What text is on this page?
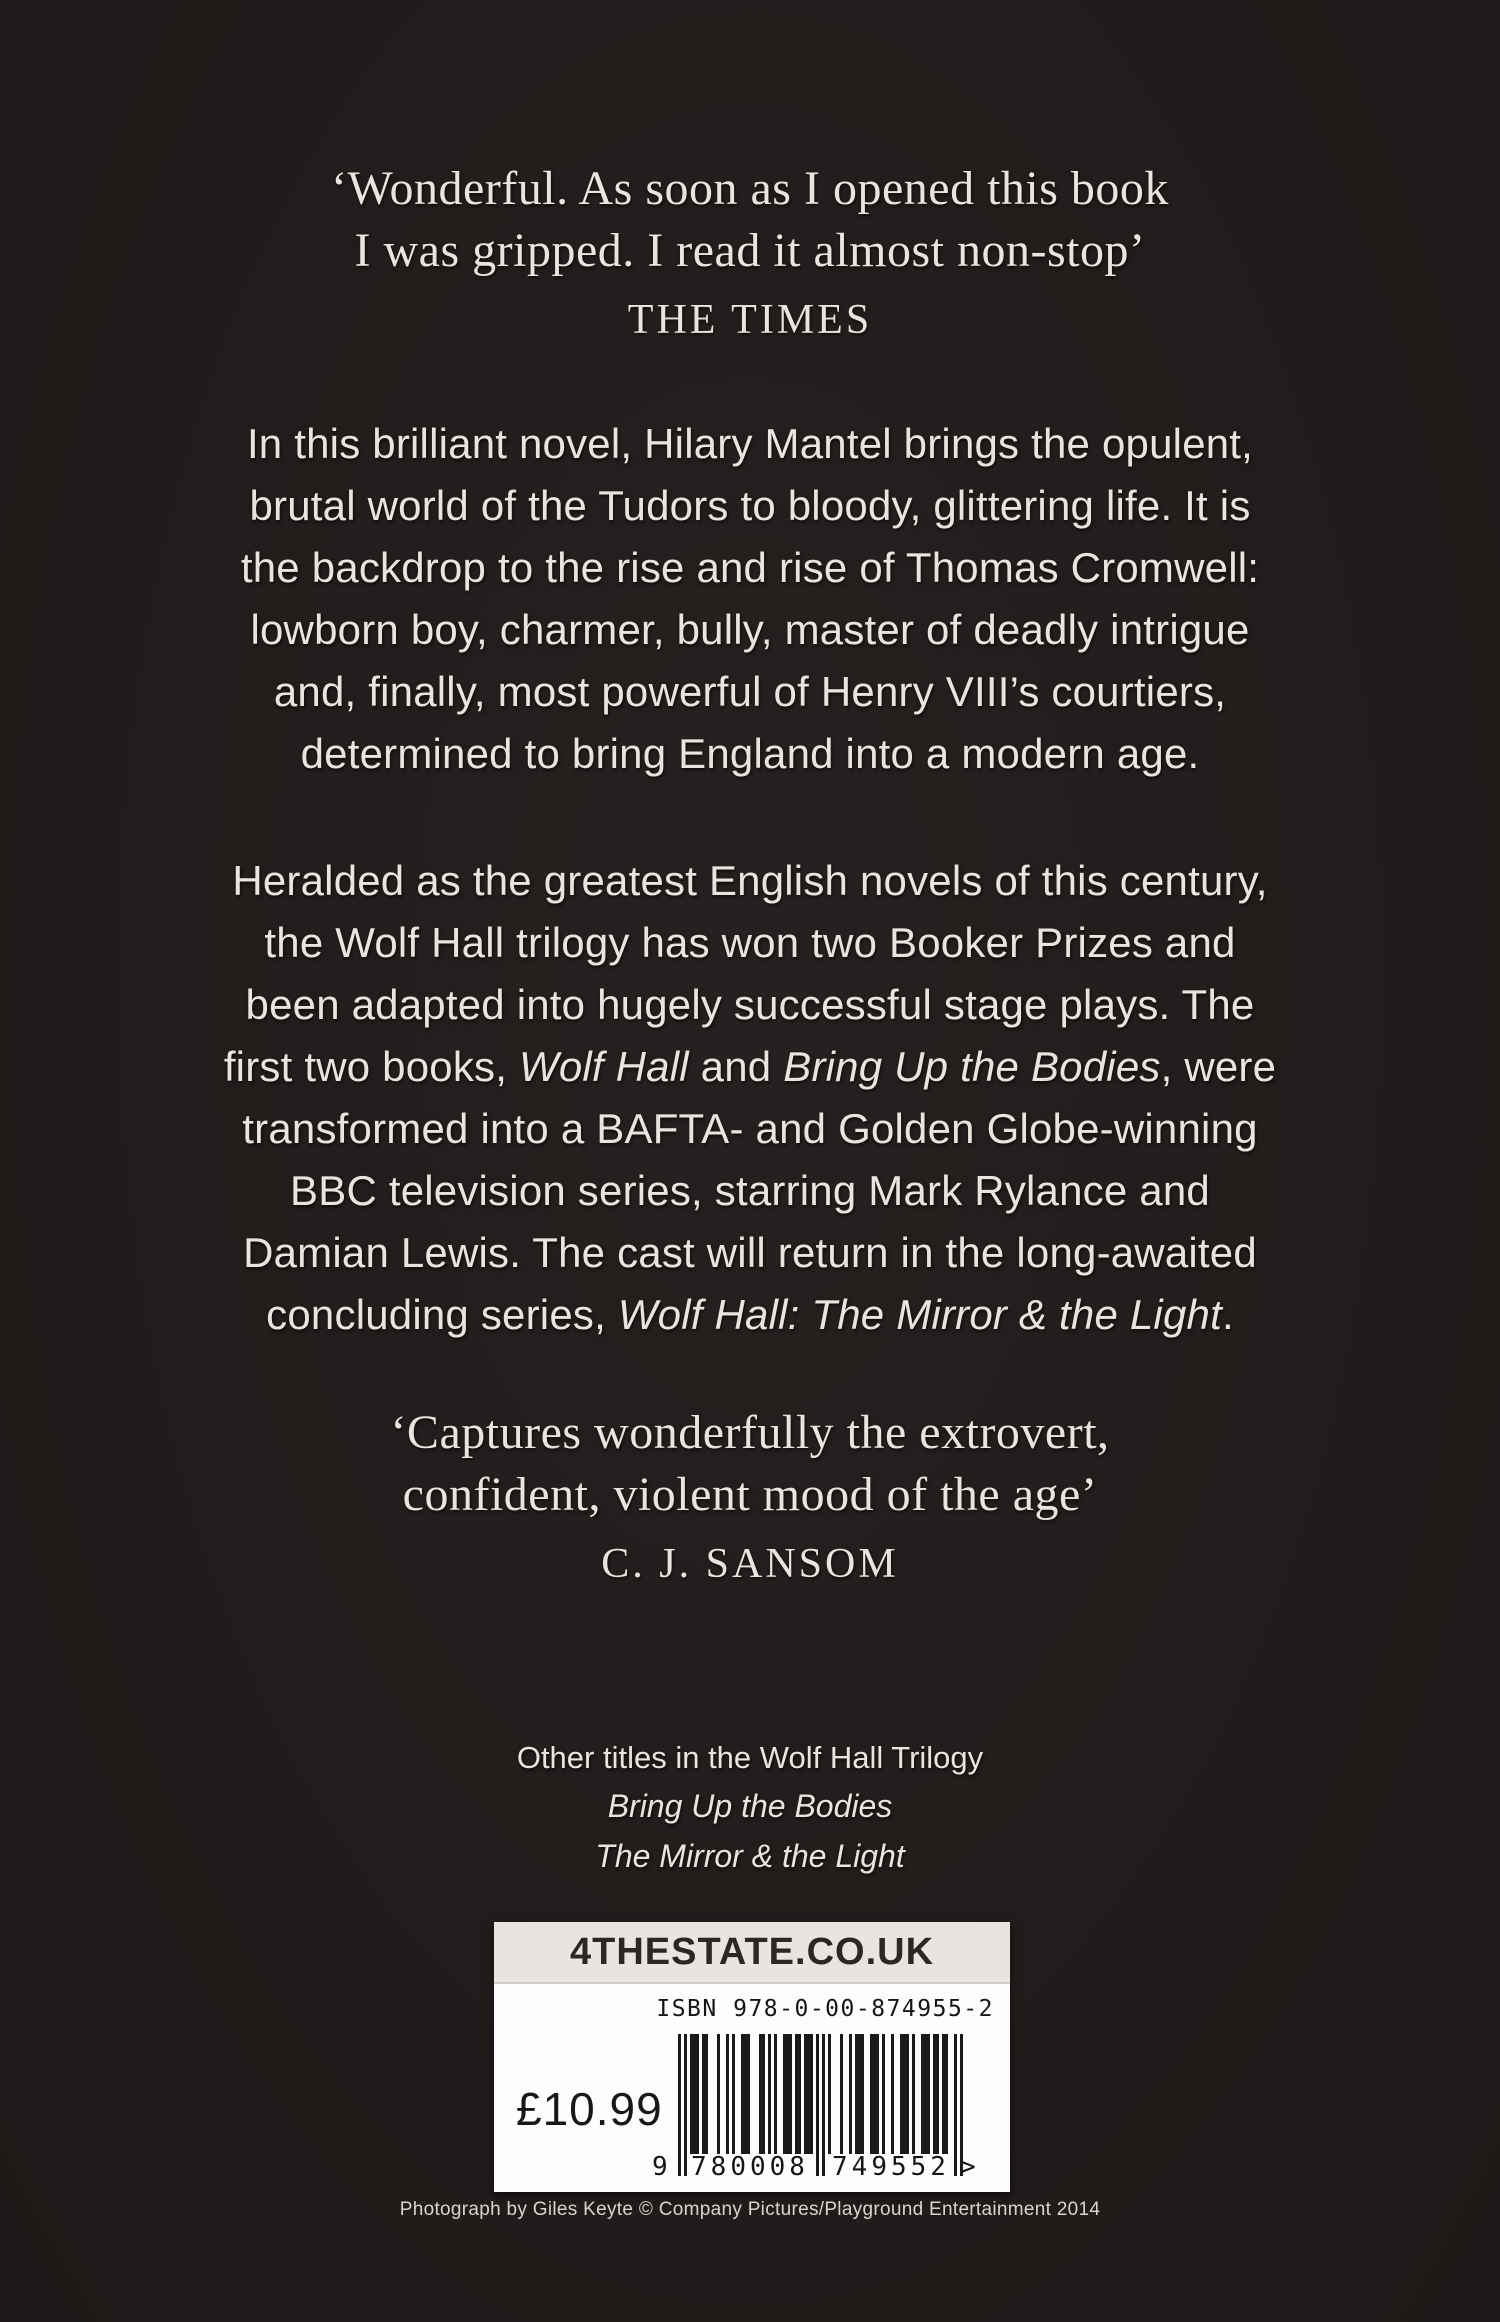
‘Wonderful. As soon as I opened this book
I was gripped. I read it almost non-stop’
THE TIMES
In this brilliant novel, Hilary Mantel brings the opulent,
brutal world of the Tudors to bloody, glittering life. It is
the backdrop to the rise and rise of Thomas Cromwell:
lowborn boy, charmer, bully, master of deadly intrigue
and, finally, most powerful of Henry VIII’s courtiers,
determined to bring England into a modern age.
Heralded as the greatest English novels of this century,
the Wolf Hall trilogy has won two Booker Prizes and
been adapted into hugely successful stage plays. The
first two books, Wolf Hall and Bring Up the Bodies, were
transformed into a BAFTA- and Golden Globe-winning
BBC television series, starring Mark Rylance and
Damian Lewis. The cast will return in the long-awaited
concluding series, Wolf Hall: The Mirror & the Light.
‘Captures wonderfully the extrovert,
confident, violent mood of the age’
C. J. SANSOM
Other titles in the Wolf Hall Trilogy
Bring Up the Bodies
The Mirror & the Light
4THESTATE.CO.UK
ISBN 978-0-00-874955-2
£10.99
9 780008 749552 >
Photograph by Giles Keyte © Company Pictures/Playground Entertainment 2014
